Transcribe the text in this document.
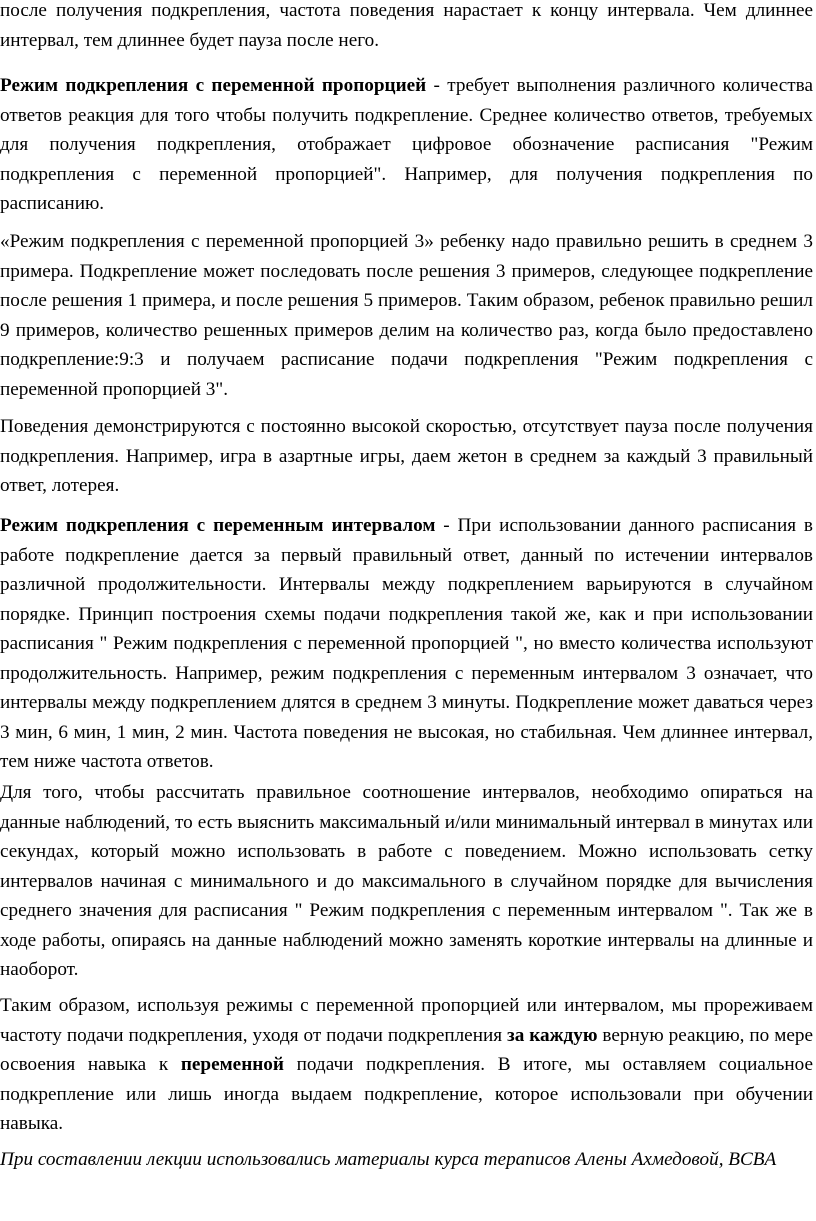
после получения подкрепления, частота поведения нарастает к концу интервала. Чем длиннее интервал, тем длиннее будет пауза после него.

Режим подкрепления с переменной пропорцией - требует выполнения различного количества ответов реакция для того чтобы получить подкрепление. Среднее количество ответов, требуемых для получения подкрепления, отображает цифровое обозначение расписания "Режим подкрепления с переменной пропорцией". Например, для получения подкрепления по расписанию.

«Режим подкрепления с переменной пропорцией 3» ребенку надо правильно решить в среднем 3 примера. Подкрепление может последовать после решения 3 примеров, следующее подкрепление после решения 1 примера, и после решения 5 примеров. Таким образом, ребенок правильно решил 9 примеров, количество решенных примеров делим на количество раз, когда было предоставлено подкрепление:9:3 и получаем расписание подачи подкрепления "Режим подкрепления с переменной пропорцией 3".

Поведения демонстрируются с постоянно высокой скоростью, отсутствует пауза после получения подкрепления. Например, игра в азартные игры, даем жетон в среднем за каждый 3 правильный ответ, лотерея.

Режим подкрепления с переменным интервалом - При использовании данного расписания в работе подкрепление дается за первый правильный ответ, данный по истечении интервалов различной продолжительности. Интервалы между подкреплением варьируются в случайном порядке. Принцип построения схемы подачи подкрепления такой же, как и при использовании расписания " Режим подкрепления с переменной пропорцией ", но вместо количества используют продолжительность. Например, режим подкрепления с переменным интервалом 3 означает, что интервалы между подкреплением длятся в среднем 3 минуты. Подкрепление может даваться через 3 мин, 6 мин, 1 мин, 2 мин. Частота поведения не высокая, но стабильная. Чем длиннее интервал, тем ниже частота ответов.

Для того, чтобы рассчитать правильное соотношение интервалов, необходимо опираться на данные наблюдений, то есть выяснить максимальный и/или минимальный интервал в минутах или секундах, который можно использовать в работе с поведением. Можно использовать сетку интервалов начиная с минимального и до максимального в случайном порядке для вычисления среднего значения для расписания " Режим подкрепления с переменным интервалом ". Так же в ходе работы, опираясь на данные наблюдений можно заменять короткие интервалы на длинные и наоборот.

Таким образом, используя режимы с переменной пропорцией или интервалом, мы прореживаем частоту подачи подкрепления, уходя от подачи подкрепления за каждую верную реакцию, по мере освоения навыка к переменной подачи подкрепления. В итоге, мы оставляем социальное подкрепление или лишь иногда выдаем подкрепление, которое использовали при обучении навыка.

При составлении лекции использовались материалы курса тераписов Алены Ахмедовой, BCBA
